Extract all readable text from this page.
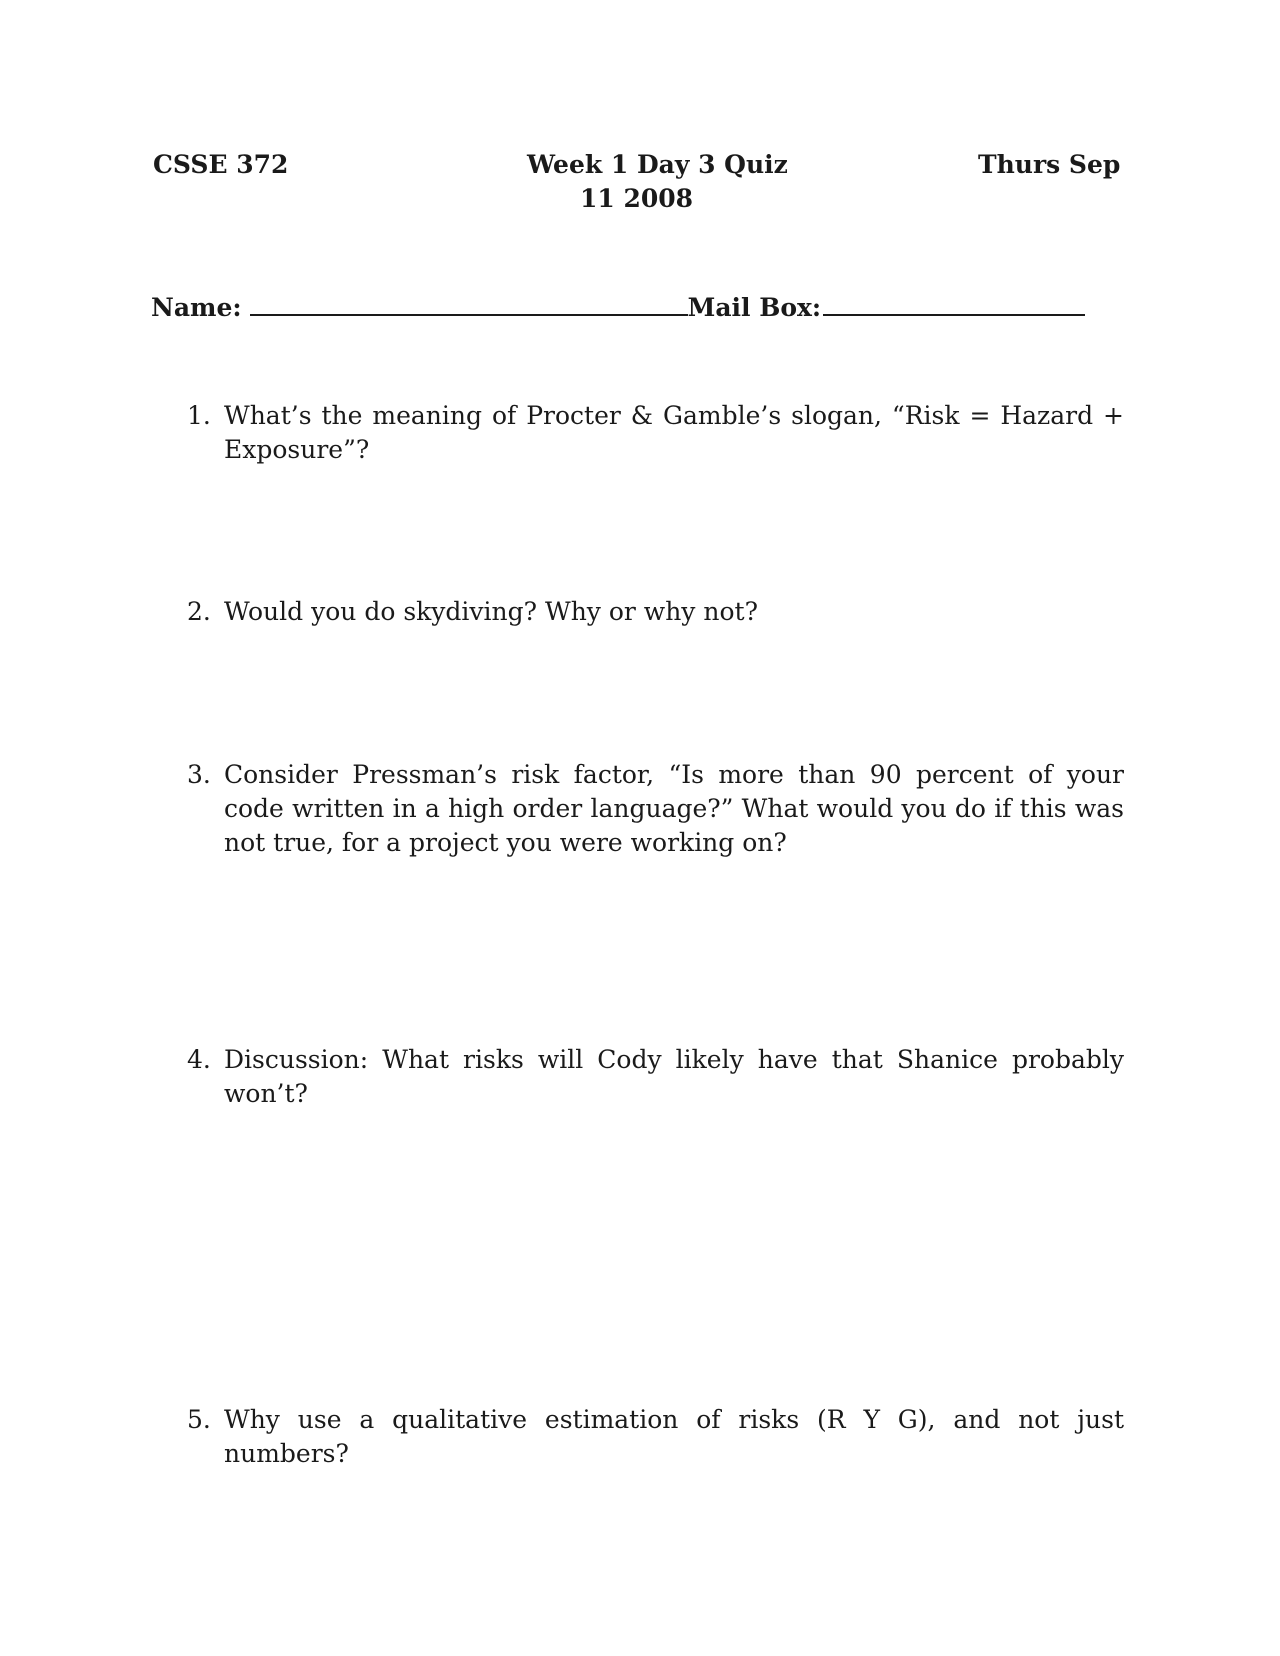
CSSE 372	Week 1 Day 3 Quiz	Thurs Sep
11 2008
Name:	Mail Box:
1. What’s the meaning of Procter & Gamble’s slogan, “Risk = Hazard + Exposure”?
2. Would you do skydiving? Why or why not?
3. Consider Pressman’s risk factor, “Is more than 90 percent of your code written in a high order language?” What would you do if this was not true, for a project you were working on?
4. Discussion: What risks will Cody likely have that Shanice probably won’t?
5. Why use a qualitative estimation of risks (R Y G), and not just numbers?
